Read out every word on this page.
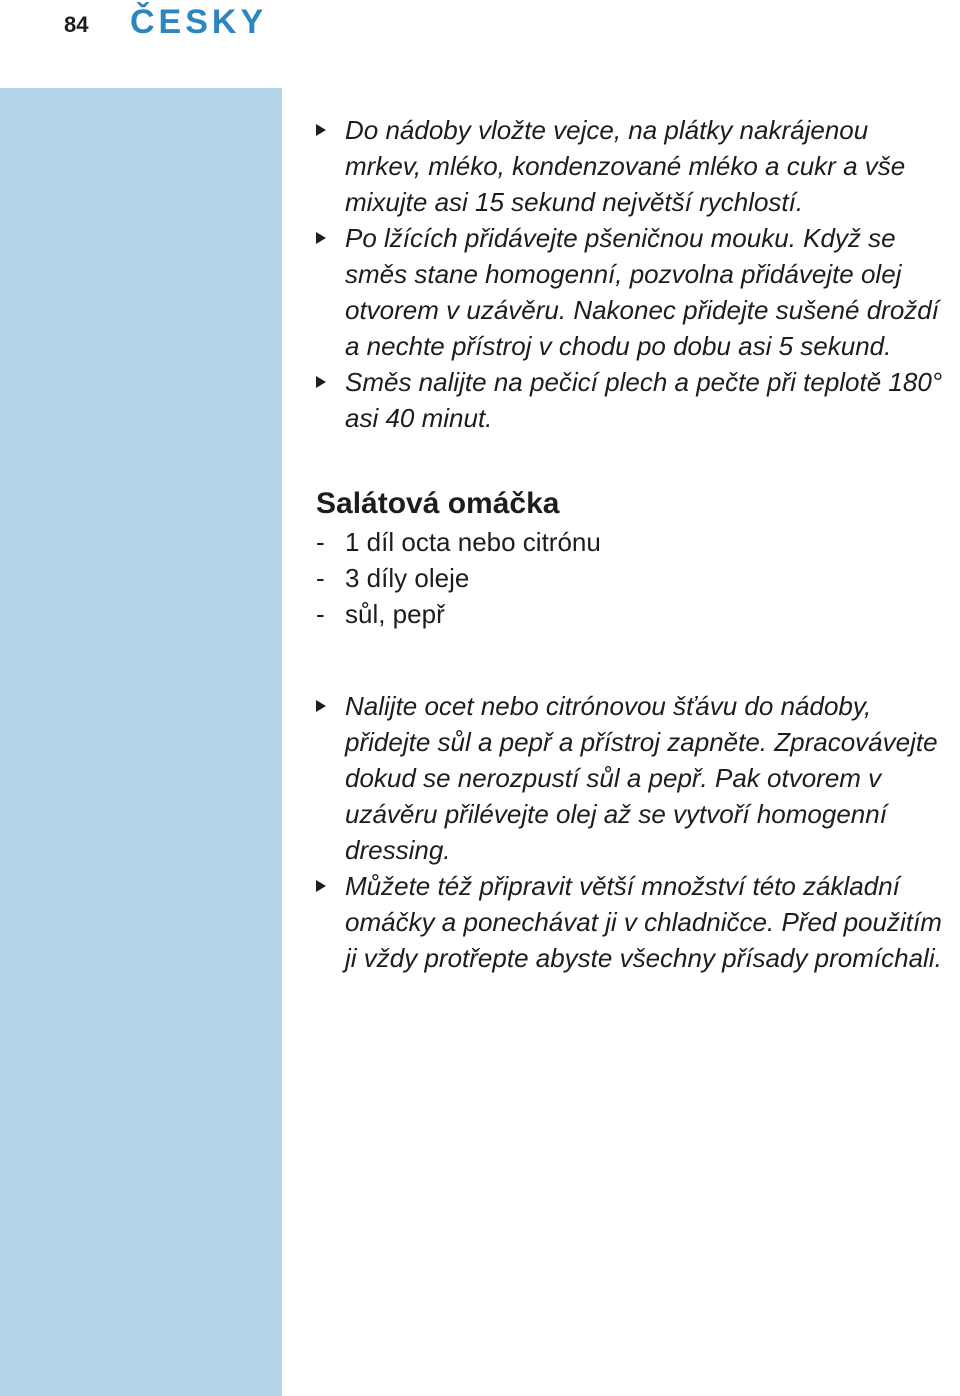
84 ČESKY
Do nádoby vložte vejce, na plátky nakrájenou mrkev, mléko, kondenzované mléko a cukr a vše mixujte asi 15 sekund největší rychlostí.
Po lžících přidávejte pšeničnou mouku. Když se směs stane homogenní, pozvolna přidávejte olej otvorem v uzávěru. Nakonec přidejte sušené droždí a nechte přístroj v chodu po dobu asi 5 sekund.
Směs nalijte na pečicí plech a pečte při teplotě 180° asi 40 minut.
Salátová omáčka
- 1 díl octa nebo citrónu
- 3 díly oleje
- sůl, pepř
Nalijte ocet nebo citrónovou šťávu do nádoby, přidejte sůl a pepř a přístroj zapněte. Zpracovávejte dokud se nerozpustí sůl a pepř. Pak otvorem v uzávěru přilévejte olej až se vytvoří homogenní dressing.
Můžete též připravit větší množství této základní omáčky a ponechávat ji v chladničce. Před použitím ji vždy protřepte abyste všechny přísady promíchali.
